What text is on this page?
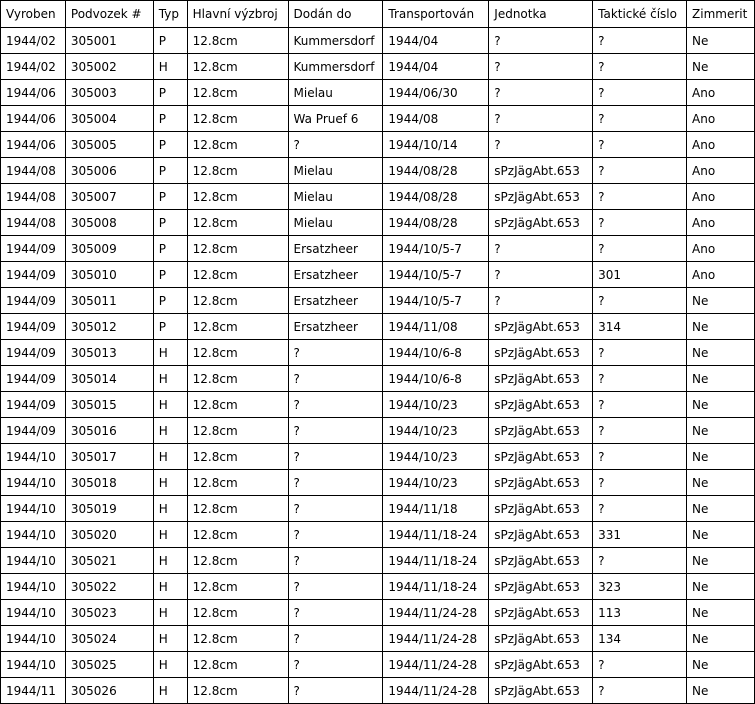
Vyroben	Podvozek #	Typ	Hlavní výzbroj	Dodán do	Transportován	Jednotka	Taktické číslo	Zimmerit
1944/02	305001	P	12.8cm	Kummersdorf	1944/04	?	?	Ne
1944/02	305002	H	12.8cm	Kummersdorf	1944/04	?	?	Ne
1944/06	305003	P	12.8cm	Mielau	1944/06/30	?	?	Ano
1944/06	305004	P	12.8cm	Wa Pruef 6	1944/08	?	?	Ano
1944/06	305005	P	12.8cm	?	1944/10/14	?	?	Ano
1944/08	305006	P	12.8cm	Mielau	1944/08/28	sPzJägAbt.653	?	Ano
1944/08	305007	P	12.8cm	Mielau	1944/08/28	sPzJägAbt.653	?	Ano
1944/08	305008	P	12.8cm	Mielau	1944/08/28	sPzJägAbt.653	?	Ano
1944/09	305009	P	12.8cm	Ersatzheer	1944/10/5-7	?	?	Ano
1944/09	305010	P	12.8cm	Ersatzheer	1944/10/5-7	?	301	Ano
1944/09	305011	P	12.8cm	Ersatzheer	1944/10/5-7	?	?	Ne
1944/09	305012	P	12.8cm	Ersatzheer	1944/11/08	sPzJägAbt.653	314	Ne
1944/09	305013	H	12.8cm	?	1944/10/6-8	sPzJägAbt.653	?	Ne
1944/09	305014	H	12.8cm	?	1944/10/6-8	sPzJägAbt.653	?	Ne
1944/09	305015	H	12.8cm	?	1944/10/23	sPzJägAbt.653	?	Ne
1944/09	305016	H	12.8cm	?	1944/10/23	sPzJägAbt.653	?	Ne
1944/10	305017	H	12.8cm	?	1944/10/23	sPzJägAbt.653	?	Ne
1944/10	305018	H	12.8cm	?	1944/10/23	sPzJägAbt.653	?	Ne
1944/10	305019	H	12.8cm	?	1944/11/18	sPzJägAbt.653	?	Ne
1944/10	305020	H	12.8cm	?	1944/11/18-24	sPzJägAbt.653	331	Ne
1944/10	305021	H	12.8cm	?	1944/11/18-24	sPzJägAbt.653	?	Ne
1944/10	305022	H	12.8cm	?	1944/11/18-24	sPzJägAbt.653	323	Ne
1944/10	305023	H	12.8cm	?	1944/11/24-28	sPzJägAbt.653	113	Ne
1944/10	305024	H	12.8cm	?	1944/11/24-28	sPzJägAbt.653	134	Ne
1944/10	305025	H	12.8cm	?	1944/11/24-28	sPzJägAbt.653	?	Ne
1944/11	305026	H	12.8cm	?	1944/11/24-28	sPzJägAbt.653	?	Ne
